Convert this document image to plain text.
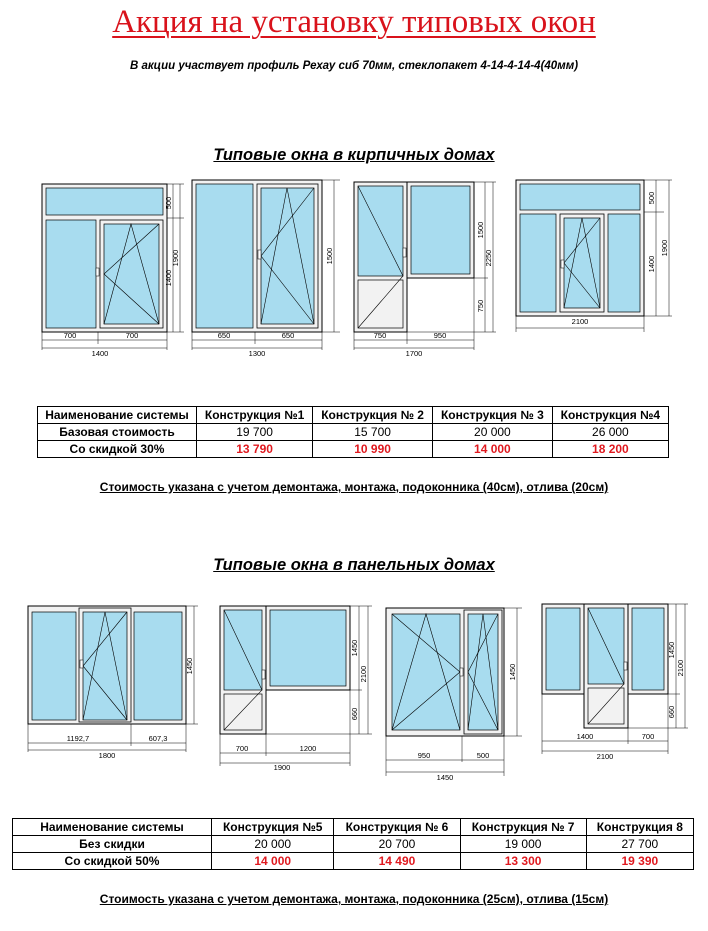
Акция на установку типовых окон
В акции участвует профиль Рехау сиб 70мм, стеклопакет 4-14-4-14-4(40мм)
Типовые окна в кирпичных домах
500
1900
1400
700	700
1400
1500
650	650
1300
1500
2250
750
750	950
1700
500
1900
1400
2100
Наименование системы	Конструкция №1	Конструкция № 2	Конструкция № 3	Конструкция №4
Базовая стоимость	19 700	15 700	20 000	26 000
Со скидкой 30%	13 790	10 990	14 000	18 200
Стоимость указана с учетом демонтажа, монтажа, подоконника (40см), отлива (20см)
Типовые окна в панельных домах
1450
1192,7	607,3
1800
1450
2100
660
700	1200
1900
1450
950	500
1450
1450
2100
660
1400	700
2100
Наименование системы	Конструкция №5	Конструкция № 6	Конструкция № 7	Конструкция 8
Без скидки	20 000	20 700	19 000	27 700
Со скидкой 50%	14 000	14 490	13 300	19 390
Стоимость указана с учетом демонтажа, монтажа, подоконника (25см), отлива (15см)
